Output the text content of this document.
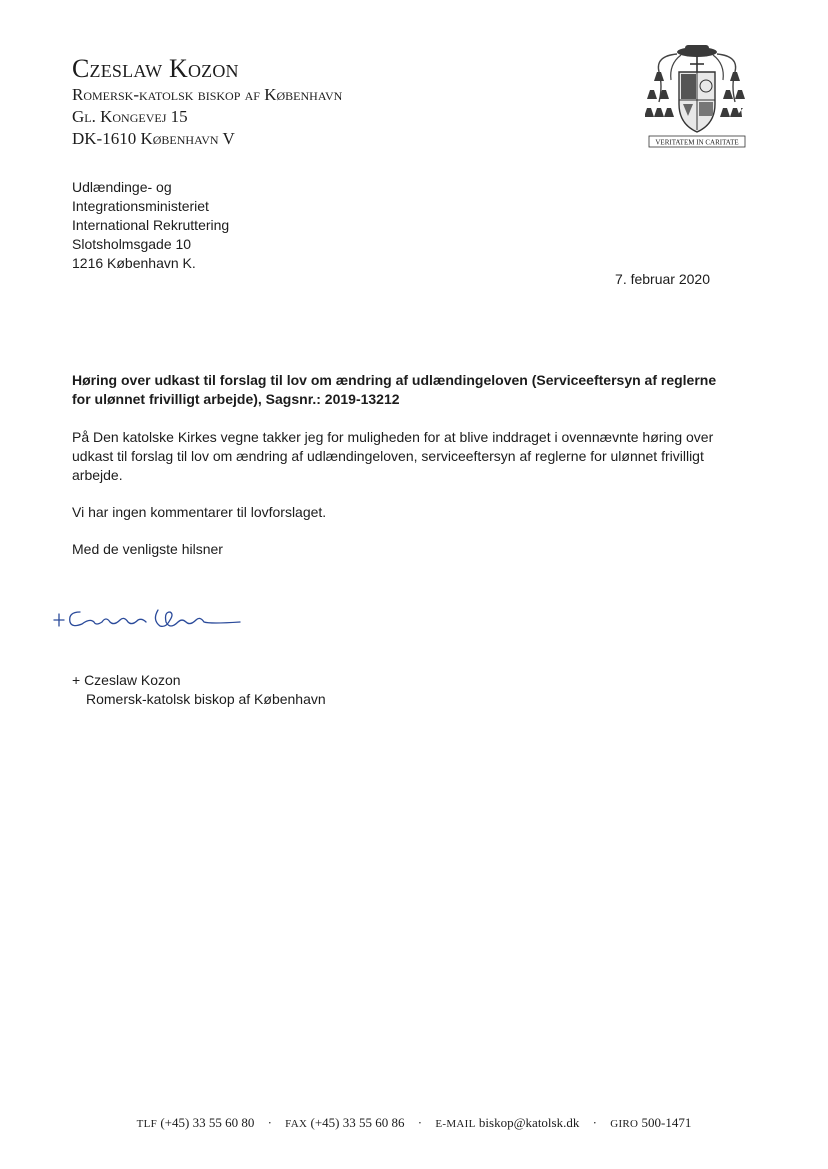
Czeslaw Kozon
Romersk-katolsk biskop af København
Gl. Kongevej 15
DK-1610 København V	VERITATEM IN CARITATE
Udlændinge- og
Integrationsministeriet
International Rekruttering
Slotsholmsgade 10
1216 København K.
7. februar 2020
Høring over udkast til forslag til lov om ændring af udlændingeloven (Serviceeftersyn af reglerne for ulønnet frivilligt arbejde), Sagsnr.: 2019-13212

På Den katolske Kirkes vegne takker jeg for muligheden for at blive inddraget i ovennævnte høring over udkast til forslag til lov om ændring af udlændingeloven, serviceeftersyn af reglerne for ulønnet frivilligt arbejde.

Vi har ingen kommentarer til lovforslaget.

Med de venligste hilsner

+ Czeslaw Kozon
Romersk-katolsk biskop af København
TLF (+45) 33 55 60 80 · FAX (+45) 33 55 60 86 · E-MAIL biskop@katolsk.dk · GIRO 500-1471
